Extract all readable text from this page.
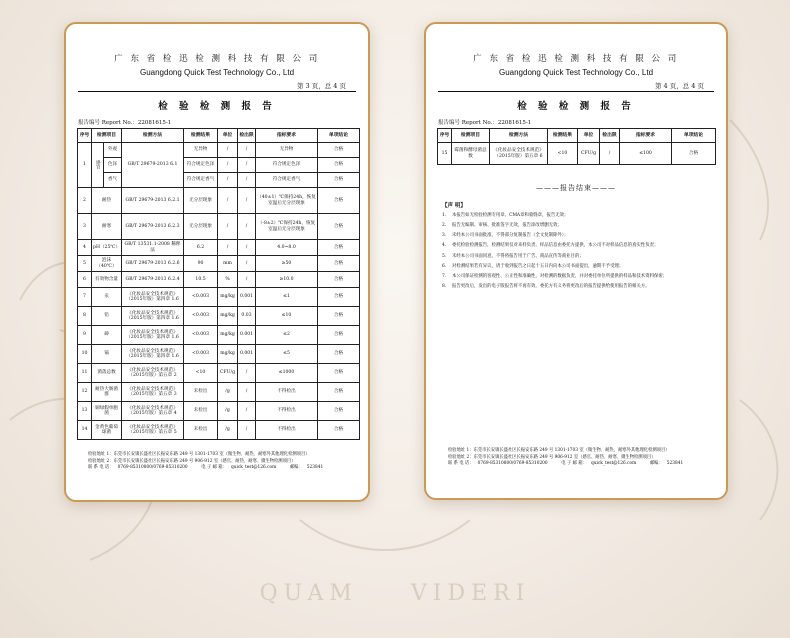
QUAM VIDERI
广 东 省 检 迅 检 测 科 技 有 限 公 司
Guangdong Quick Test Technology Co., Ltd
第 3 页，总 4 页
检 验 检 测 报 告
报告编号 Report No.：22081615-1
序号	检测项目		检测方法	检测结果	单位	检出限	指标要求	单项结论
1	感官	外观	GB/T 29679-2013 6.1	无异物	/	/	无异物	合格
		色泽		符合规定色泽	/	/	符合规定色泽	合格
		香气		符合规定香气	/	/	符合规定香气	合格
2	耐热		GB/T 29679-2013 6.2.1	无分层现象	/	/	（40±1）℃保持24h，恢复室温后无分层现象	合格
3	耐寒		GB/T 29679-2013 6.2.3	无分层现象	/	/	（-8±2）℃保持24h，恢复室温后无分层现象	合格
4	pH（25℃）		GB/T 13531.1-2008 稀释法	6.2	/	/	4.0~8.0	合格
5	泡沫（40℃）		GB/T 29679-2013 6.2.6	90	mm	/	≥50	合格
6	有效物含量		GB/T 29679-2013 6.2.4	10.5	%	/	≥10.0	合格
7	汞		《化妆品安全技术规范》（2015年版）第四章 1.6	<0.003	mg/kg	0.001	≤1	合格
8	铅		《化妆品安全技术规范》（2015年版）第四章 1.6	<0.003	mg/kg	0.03	≤10	合格
9	砷		《化妆品安全技术规范》（2015年版）第四章 1.6	<0.003	mg/kg	0.001	≤2	合格
10	镉		《化妆品安全技术规范》（2015年版）第四章 1.6	<0.003	mg/kg	0.001	≤5	合格
11	菌落总数		《化妆品安全技术规范》（2015年版）第五章 2	<10	CFU/g	/	≤1000	合格
12	耐热大肠菌群		《化妆品安全技术规范》（2015年版）第五章 3	未检出	/g	/	不得检出	合格
13	铜绿假单胞菌		《化妆品安全技术规范》（2015年版）第五章 4	未检出	/g	/	不得检出	合格
14	金黄色葡萄球菌		《化妆品安全技术规范》（2015年版）第五章 5	未检出	/g	/	不得检出	合格
检验地址 1：东莞市长安镇长盛社区长振安东路 249 号 1301-1703 室（微生物、耐热、耐寒外其他理化检测项目）
检验地址 2：东莞市长安镇长盛社区长振安东路 249 号 906-912 室（感官、耐热、耐寒、微生物检测项目）
联 系 电 话：   0769-85310800/0769-85310200          电 子 邮 箱：   quick_test@126.com          邮编：   523841
广 东 省 检 迅 检 测 科 技 有 限 公 司
Guangdong Quick Test Technology Co., Ltd
第 4 页，总 4 页
检 验 检 测 报 告
报告编号 Report No.：22081615-1
序号	检测项目	检测方法	检测结果	单位	检出限	指标要求	单项结论
15	霉菌和酵母菌总数	《化妆品安全技术规范》（2015年版）第五章 6	<10	CFU/g	/	≤100	合格
———报告结束———
【声 明】
1.	本报告如无检验检测专用章、CMA章和骑缝章，报告无效；
2.	报告无编制、审核、批准签字无效，报告涂改增删无效；
3.	未经本公司书面批准，不得部分复制报告（全文复制除外）；
4.	委托检验检测报告，检测结果仅对来样负责，样品信息由委托方提供，本公司不对样品信息的真实性负责；
5.	未经本公司书面同意，不得将报告用于广告、商品宣传等商业目的；
6.	对检测结果若有异议，请于收到报告之日起十五日内向本公司书面提出，逾期不予受理；
7.	本公司保证检测的客观性、公正性和准确性，对检测的数据负责，并对委托单位所提供的样品和技术资料保密；
8.	报告更改后，发出的电子版报告将不再有效，委托方有义务将更改后的报告提供给使用报告的相关方。
检验地址 1：东莞市长安镇长盛社区长振安东路 249 号 1301-1703 室（微生物、耐热、耐寒外其他理化检测项目）
检验地址 2：东莞市长安镇长盛社区长振安东路 249 号 906-912 室（感官、耐热、耐寒、微生物检测项目）
联 系 电 话：   0769-85310800/0769-85310200          电 子 邮 箱：   quick_test@126.com          邮编：   523841
